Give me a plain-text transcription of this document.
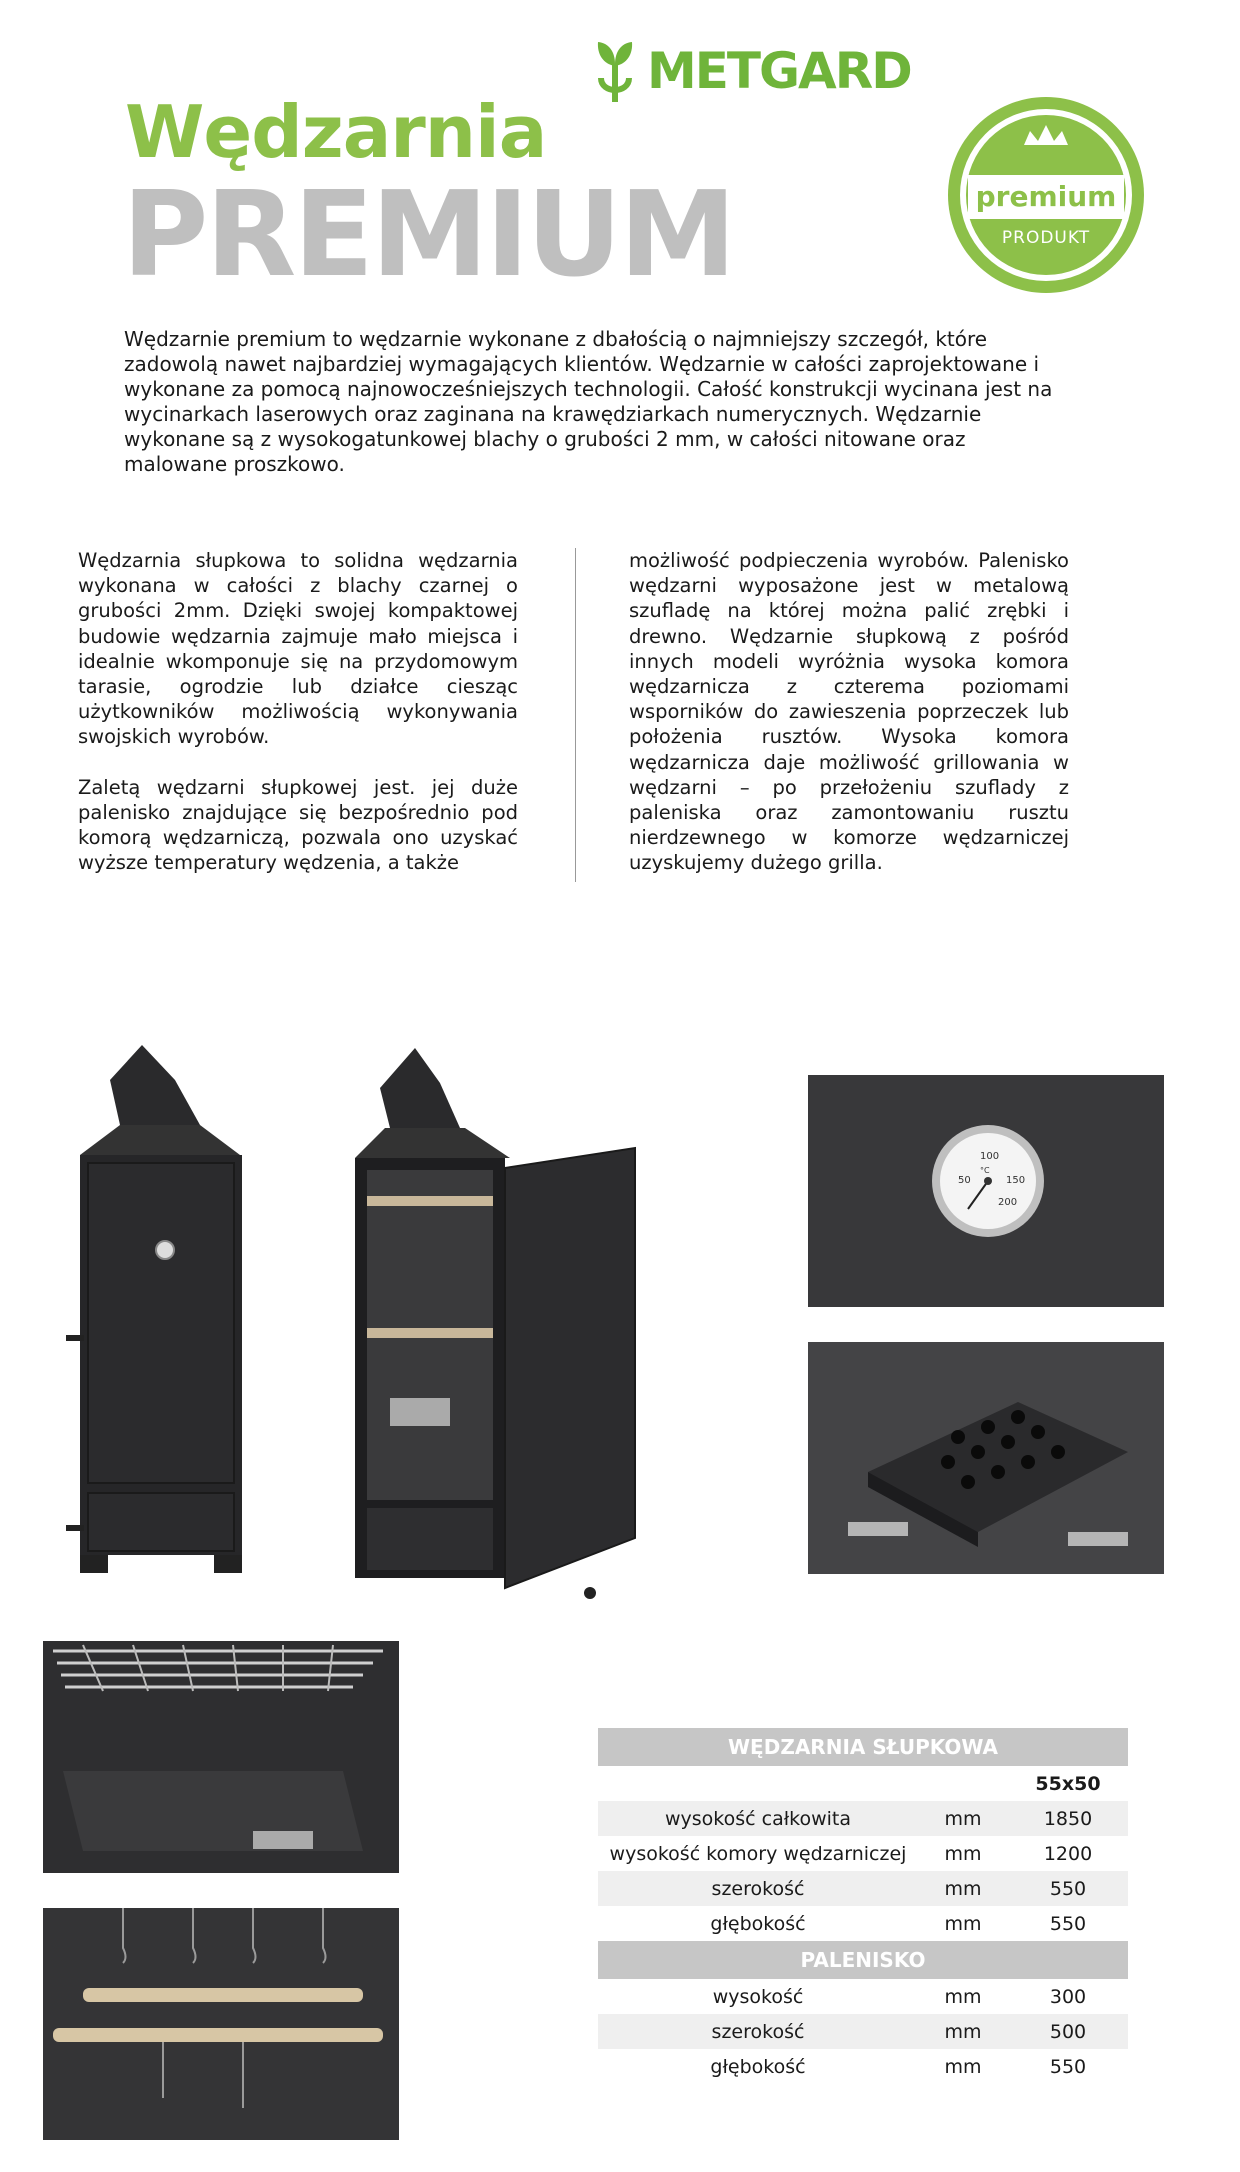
METGARD
Wędzarnia
PREMIUM	premium
PRODUKT
Wędzarnie premium to wędzarnie wykonane z dbałością o najmniejszy szczegół, które zadowolą nawet najbardziej wymagających klientów. Wędzarnie w całości zaprojektowane i wykonane za pomocą najnowocześniejszych technologii. Całość konstrukcji wycinana jest na wycinarkach laserowych oraz zaginana na krawędziarkach numerycznych. Wędzarnie wykonane są z wysokogatunkowej blachy o grubości 2 mm, w całości nitowane oraz malowane proszkowo.

Wędzarnia słupkowa to solidna wędzarnia wykonana w całości z blachy czarnej o grubości 2mm. Dzięki swojej kompaktowej budowie wędzarnia zajmuje mało miejsca i idealnie wkomponuje się na przydomowym tarasie, ogrodzie lub działce ciesząc użytkowników możliwością wykonywania swojskich wyrobów.

Zaletą wędzarni słupkowej jest. jej duże palenisko znajdujące się bezpośrednio pod komorą wędzarniczą, pozwala ono uzyskać wyższe temperatury wędzenia, a także

możliwość podpieczenia wyrobów. Palenisko wędzarni wyposażone jest w metalową szufladę na której można palić zrębki i drewno. Wędzarnie słupkową z pośród innych modeli wyróżnia wysoka komora wędzarnicza z czterema poziomami wsporników do zawieszenia poprzeczek lub położenia rusztów. Wysoka komora wędzarnicza daje możliwość grillowania w wędzarni – po przełożeniu szuflady z paleniska oraz zamontowaniu rusztu nierdzewnego w komorze wędzarniczej uzyskujemy dużego grilla.

50
100
150
200
°C
WĘDZARNIA SŁUPKOWA		
		55x50
wysokość całkowita	mm	1850
wysokość komory wędzarniczej	mm	1200
szerokość	mm	550
głębokość	mm	550
PALENISKO		
wysokość	mm	300
szerokość	mm	500
głębokość	mm	550
